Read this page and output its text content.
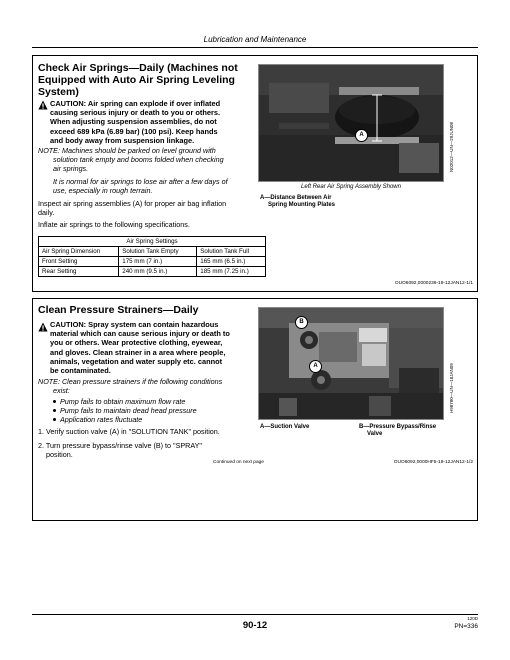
Lubrication and Maintenance
Check Air Springs—Daily (Machines not
Equipped with Auto Air Spring Leveling
System)
CAUTION: Air spring can explode if over inflated
causing serious injury or death to you or others.
When adjusting suspension assemblies, do not
exceed 689 kPa (6.89 bar) (100 psi). Keep hands
and body away from suspension linkage.
NOTE: Machines should be parked on level ground with
solution tank empty and booms folded when checking
air springs.
It is normal for air springs to lose air after a few days of
use, especially in rough terrain.
Inspect air spring assemblies (A) for proper air bag inflation
daily.
Inflate air springs to the following specifications.
Air Spring Settings		
Air Spring Dimension	Solution Tank Empty	Solution Tank Full
Front Setting	175 mm (7 in.)	165 mm (6.5 in.)
Rear Setting	240 mm (9.5 in.)	185 mm (7.25 in.)
A	N02012—UN—29JUN08
Left Rear Air Spring Assembly Shown
A—Distance Between Air
Spring Mounting Plates
OUO6092,0000236-19-12JAN12-1/1
Clean Pressure Strainers—Daily
CAUTION: Spray system can contain hazardous
material which can cause serious injury or death to
you or others. Wear protective clothing, eyewear,
and gloves. Clean strainer in a area where people,
animals, vegetation and water supply etc. cannot
be contaminated.
NOTE: Clean pressure strainers if the following conditions
exist:
Pump fails to obtain maximum flow rate
Pump fails to maintain dead head pressure
Application rates fluctuate
1. Verify suction valve (A) in "SOLUTION TANK" position.
2. Turn pressure bypass/rinse valve (B) to "SPRAY"
position.
B
A	H98780—UN—18JAN09
A—Suction Valve	B—Pressure Bypass/Rinse
Valve
Continued on next page	OUO6092,0000HF5-19-12JAN12-1/2
90-12
120D
PN=336
